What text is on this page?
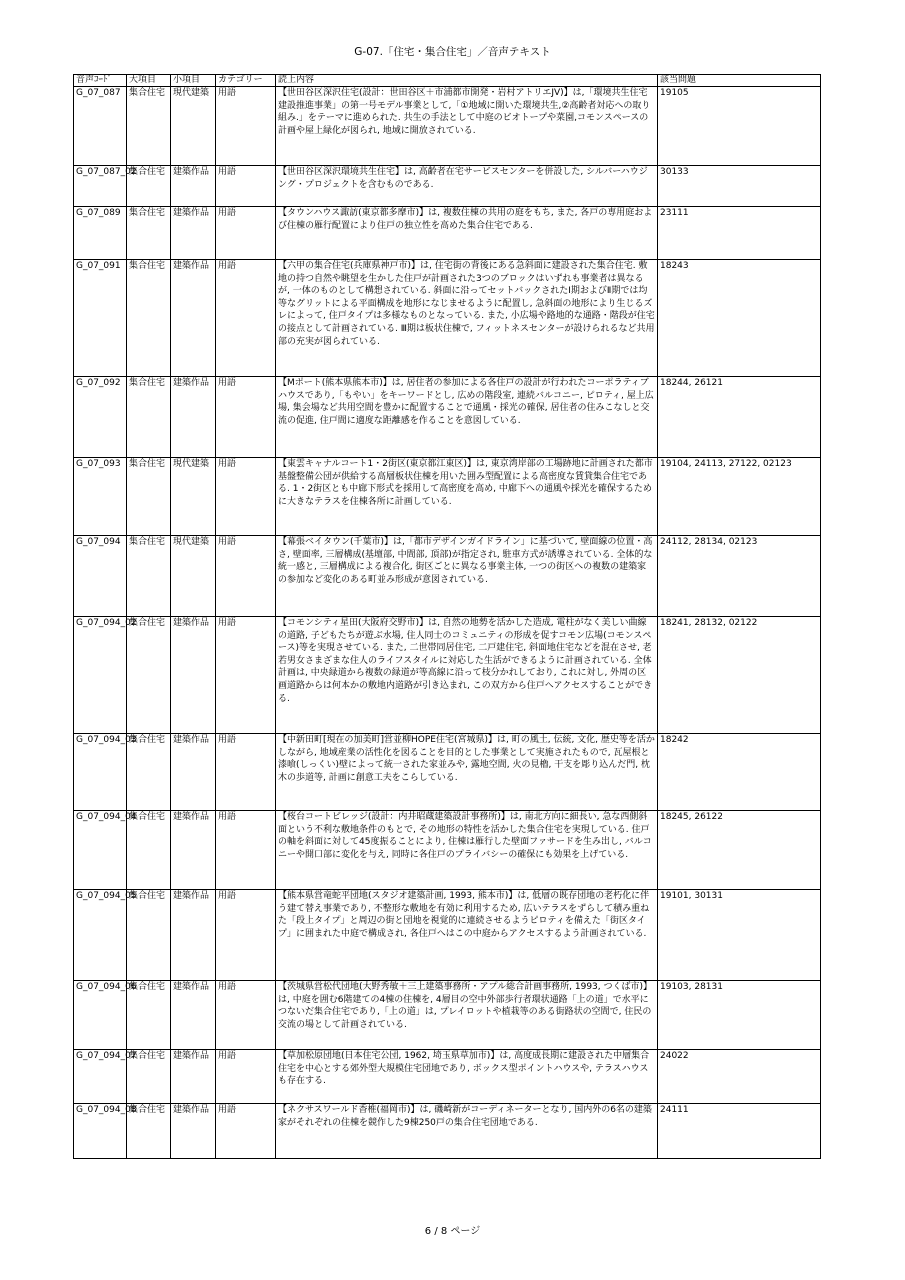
G-07.「住宅・集合住宅」／音声テキスト
音声ｺｰﾄﾞ	大項目	小項目	カテゴリー	読上内容	該当問題
G_07_087	集合住宅	現代建築	用語	【世田谷区深沢住宅(設計：世田谷区＋市浦都市開発・岩村アトリエJV)】は,「環境共生住宅建設推進事業」の第一号モデル事業として,「①地域に開いた環境共生,②高齢者対応への取り組み.」をテーマに進められた. 共生の手法として中庭のビオトープや菜園,コモンスペースの計画や屋上緑化が図られ, 地域に開放されている.	19105
G_07_087_02	集合住宅	建築作品	用語	【世田谷区深沢環境共生住宅】は, 高齢者在宅サービスセンターを併設した, シルバーハウジング・プロジェクトを含むものである.	30133
G_07_089	集合住宅	建築作品	用語	【タウンハウス諏訪(東京都多摩市)】は, 複数住棟の共用の庭をもち, また, 各戸の専用庭および住棟の雁行配置により住戸の独立性を高めた集合住宅である.	23111
G_07_091	集合住宅	建築作品	用語	【六甲の集合住宅(兵庫県神戸市)】は, 住宅街の背後にある急斜面に建設された集合住宅. 敷地の持つ自然や眺望を生かした住戸が計画された3つのブロックはいずれも事業者は異なるが, 一体のものとして構想されている. 斜面に沿ってセットバックされたⅠ期およびⅡ期では均等なグリットによる平面構成を地形になじませるように配置し, 急斜面の地形により生じるズレによって, 住戸タイプは多様なものとなっている. また, 小広場や路地的な通路・階段が住宅の接点として計画されている. Ⅲ期は板状住棟で, フィットネスセンターが設けられるなど共用部の充実が図られている.	18243
G_07_092	集合住宅	建築作品	用語	【Mポート(熊本県熊本市)】は, 居住者の参加による各住戸の設計が行われたコーポラティブハウスであり,「もやい」をキーワードとし, 広めの階段室, 連続バルコニー, ピロティ, 屋上広場, 集会場など共用空間を豊かに配置することで通風・採光の確保, 居住者の住みこなしと交流の促進, 住戸間に適度な距離感を作ることを意図している.	18244, 26121
G_07_093	集合住宅	現代建築	用語	【東雲キャナルコート1・2街区(東京都江東区)】は, 東京湾岸部の工場跡地に計画された都市基盤整備公団が供給する高層板状住棟を用いた囲み型配置による高密度な賃貸集合住宅である. 1・2街区とも中廊下形式を採用して高密度を高め, 中廊下への通風や採光を確保するために大きなテラスを住棟各所に計画している.	19104, 24113, 27122, 02123
G_07_094	集合住宅	現代建築	用語	【幕張ベイタウン(千葉市)】は,「都市デザインガイドライン」に基づいて, 壁面線の位置・高さ, 壁面率, 三層構成(基壇部, 中間部, 頂部)が指定され, 駐車方式が誘導されている. 全体的な統一感と, 三層構成による複合化, 街区ごとに異なる事業主体, 一つの街区への複数の建築家の参加など変化のある町並み形成が意図されている.	24112, 28134, 02123
G_07_094_02	集合住宅	建築作品	用語	【コモンシティ星田(大阪府交野市)】は, 自然の地勢を活かした造成, 電柱がなく美しい曲線の道路, 子どもたちが遊ぶ水場, 住人同士のコミュニティの形成を促すコモン広場(コモンスペース)等を実現させている. また, 二世帯同居住宅, 二戸建住宅, 斜面地住宅などを混在させ, 老若男女さまざまな住人のライフスタイルに対応した生活ができるように計画されている. 全体計画は, 中央緑道から複数の緑道が等高線に沿って枝分かれしており, これに対し, 外周の区画道路からは何本かの敷地内道路が引き込まれ, この双方から住戸へアクセスすることができる.	18241, 28132, 02122
G_07_094_03	集合住宅	建築作品	用語	【中新田町[現在の加美町]営並柳HOPE住宅(宮城県)】は, 町の風土, 伝統, 文化, 歴史等を活かしながら, 地域産業の活性化を図ることを目的とした事業として実施されたもので, 瓦屋根と漆喰(しっくい)壁によって統一された家並みや, 露地空間, 火の見櫓, 干支を彫り込んだ門, 枕木の歩道等, 計画に創意工夫をこらしている.	18242
G_07_094_04	集合住宅	建築作品	用語	【桜台コートビレッジ(設計：内井昭蔵建築設計事務所)】は, 南北方向に細長い, 急な西側斜面という不利な敷地条件のもとで, その地形の特性を活かした集合住宅を実現している. 住戸の軸を斜面に対して45度振ることにより, 住棟は雁行した壁面ファサードを生み出し, バルコニーや開口部に変化を与え, 同時に各住戸のプライバシーの確保にも効果を上げている.	18245, 26122
G_07_094_05	集合住宅	建築作品	用語	【熊本県営竜蛇平団地(スタジオ建築計画, 1993, 熊本市)】は, 低層の既存団地の老朽化に伴う建て替え事業であり, 不整形な敷地を有効に利用するため, 広いテラスをずらして積み重ねた「段上タイプ」と周辺の街と団地を視覚的に連続させるようピロティを備えた「街区タイプ」に囲まれた中庭で構成され, 各住戸へはこの中庭からアクセスするよう計画されている.	19101, 30131
G_07_094_06	集合住宅	建築作品	用語	【茨城県営松代団地(大野秀敏＋三上建築事務所・アプル総合計画事務所, 1993, つくば市)】は, 中庭を囲む6階建ての4棟の住棟を, 4層目の空中外部歩行者環状通路「上の道」で水平につないだ集合住宅であり,「上の道」は, プレイロットや植栽等のある街路状の空間で, 住民の交流の場として計画されている.	19103, 28131
G_07_094_07	集合住宅	建築作品	用語	【草加松原団地(日本住宅公団, 1962, 埼玉県草加市)】は, 高度成長期に建設された中層集合住宅を中心とする郊外型大規模住宅団地であり, ボックス型ポイントハウスや, テラスハウスも存在する.	24022
G_07_094_08	集合住宅	建築作品	用語	【ネクサスワールド香椎(福岡市)】は, 磯崎新がコーディネーターとなり, 国内外の6名の建築家がそれぞれの住棟を競作した9棟250戸の集合住宅団地である.	24111
6 / 8 ページ
